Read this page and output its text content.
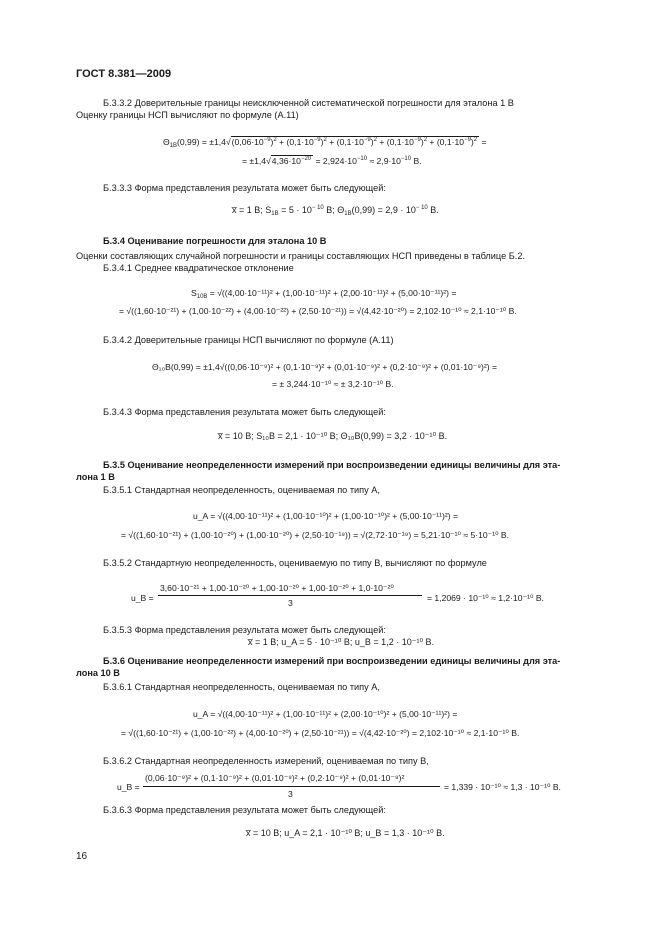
ГОСТ 8.381—2009
Б.3.3.2 Доверительные границы неисключенной систематической погрешности для эталона 1 В
Оценку границы НСП вычисляют по формуле (А.11)
$\Theta_{1В}(0,99) = \pm 1,4√(0,06\cdot 10^{-9})^2 + (0,1\cdot 10^{-9})^2 + (0,1\cdot 10^{-9})^2 + (0,1\cdot 10^{-9})^2 + (0,1\cdot 10^{-9})^2$ =
= $\pm 1,4√4,36\cdot 10^{-20} = 2,924\cdot 10^{-10} \approx 2,9\cdot 10^{-10}$ В.
Б.3.3.3 Форма представления результата может быть следующей:
x̅ = 1 В; $S_{1В} = 5 \cdot 10^{- 10}$ В; $\Theta_{1В}(0,99) = 2,9 \cdot 10^{- 10}$ В.
Б.3.4 Оценивание погрешности для эталона 10 В
Оценки составляющих случайной погрешности и границы составляющих НСП приведены в таблице Б.2.
Б.3.4.1 Среднее квадратическое отклонение
$S_{10В} = √((4,00\cdot 10^{-11})^2 + (1,00\cdot 10^{-11})^2 + (2,00\cdot 10^{-11})^2 + (5,00\cdot 10^{-11})^2)$ =
= √((1,60·10⁻²¹) + (1,00·10⁻²²) + (4,00·10⁻²²) + (2,50·10⁻²¹)) = √(4,42·10⁻²⁰) = 2,102·10⁻¹⁰ ≈ 2,1·10⁻¹⁰ В.
Б.3.4.2 Доверительные границы НСП вычисляют по формуле (А.11)
Θ₁₀В(0,99) = ±1,4√((0,06·10⁻⁹)² + (0,1·10⁻⁹)² + (0,01·10⁻⁹)² + (0,2·10⁻⁹)² + (0,01·10⁻⁹)²) =
= ± 3,244·10⁻¹⁰ ≈ ± 3,2·10⁻¹⁰ В.
Б.3.4.3 Форма представления результата может быть следующей:
x̅ = 10 В; S₁₀В = 2,1 · 10⁻¹⁰ В; Θ₁₀В(0,99) = 3,2 · 10⁻¹⁰ В.
Б.3.5 Оценивание неопределенности измерений при воспроизведении единицы величины для эта-
лона 1 В
Б.3.5.1 Стандартная неопределенность, оцениваемая по типу А,
u_A = √((4,00·10⁻¹¹)² + (1,00·10⁻¹⁰)² + (1,00·10⁻¹⁰)² + (5,00·10⁻¹¹)²) =
= √((1,60·10⁻²¹) + (1,00·10⁻²⁰) + (1,00·10⁻²⁰) + (2,50·10⁻¹⁹)) = √(2,72·10⁻¹⁹) = 5,21·10⁻¹⁰ ≈ 5·10⁻¹⁰ В.
Б.3.5.2 Стандартную неопределенность, оцениваемую по типу В, вычисляют по формуле
u_B =
3,60·10⁻²¹ + 1,00·10⁻²⁰ + 1,00·10⁻²⁰ + 1,00·10⁻²⁰ + 1,0·10⁻²⁰
3	= 1,2069 · 10⁻¹⁰ ≈ 1,2·10⁻¹⁰ В.
Б.3.5.3 Форма представления результата может быть следующей:
x̅ = 1 В; u_A = 5 · 10⁻¹⁰ В; u_B = 1,2 · 10⁻¹⁰ В.
Б.3.6 Оценивание неопределенности измерений при воспроизведении единицы величины для эта-
лона 10 В
Б.3.6.1 Стандартная неопределенность, оцениваемая по типу А,
u_A = √((4,00·10⁻¹¹)² + (1,00·10⁻¹¹)² + (2,00·10⁻¹⁰)² + (5,00·10⁻¹¹)²) =
= √((1,60·10⁻²¹) + (1,00·10⁻²²) + (4,00·10⁻²⁰) + (2,50·10⁻²¹)) = √(4,42·10⁻²⁰) = 2,102·10⁻¹⁰ ≈ 2,1·10⁻¹⁰ В.
Б.3.6.2 Стандартная неопределенность измерений, оцениваемая по типу В,
u_B =
(0,06·10⁻⁹)² + (0,1·10⁻⁹)² + (0,01·10⁻⁹)² + (0,2·10⁻⁹)² + (0,01·10⁻⁹)²
3
= 1,339 · 10⁻¹⁰ ≈ 1,3 · 10⁻¹⁰ В.
Б.3.6.3 Форма представления результата может быть следующей:
x̅ = 10 В; u_A = 2,1 · 10⁻¹⁰ В; u_B = 1,3 · 10⁻¹⁰ В.
16
